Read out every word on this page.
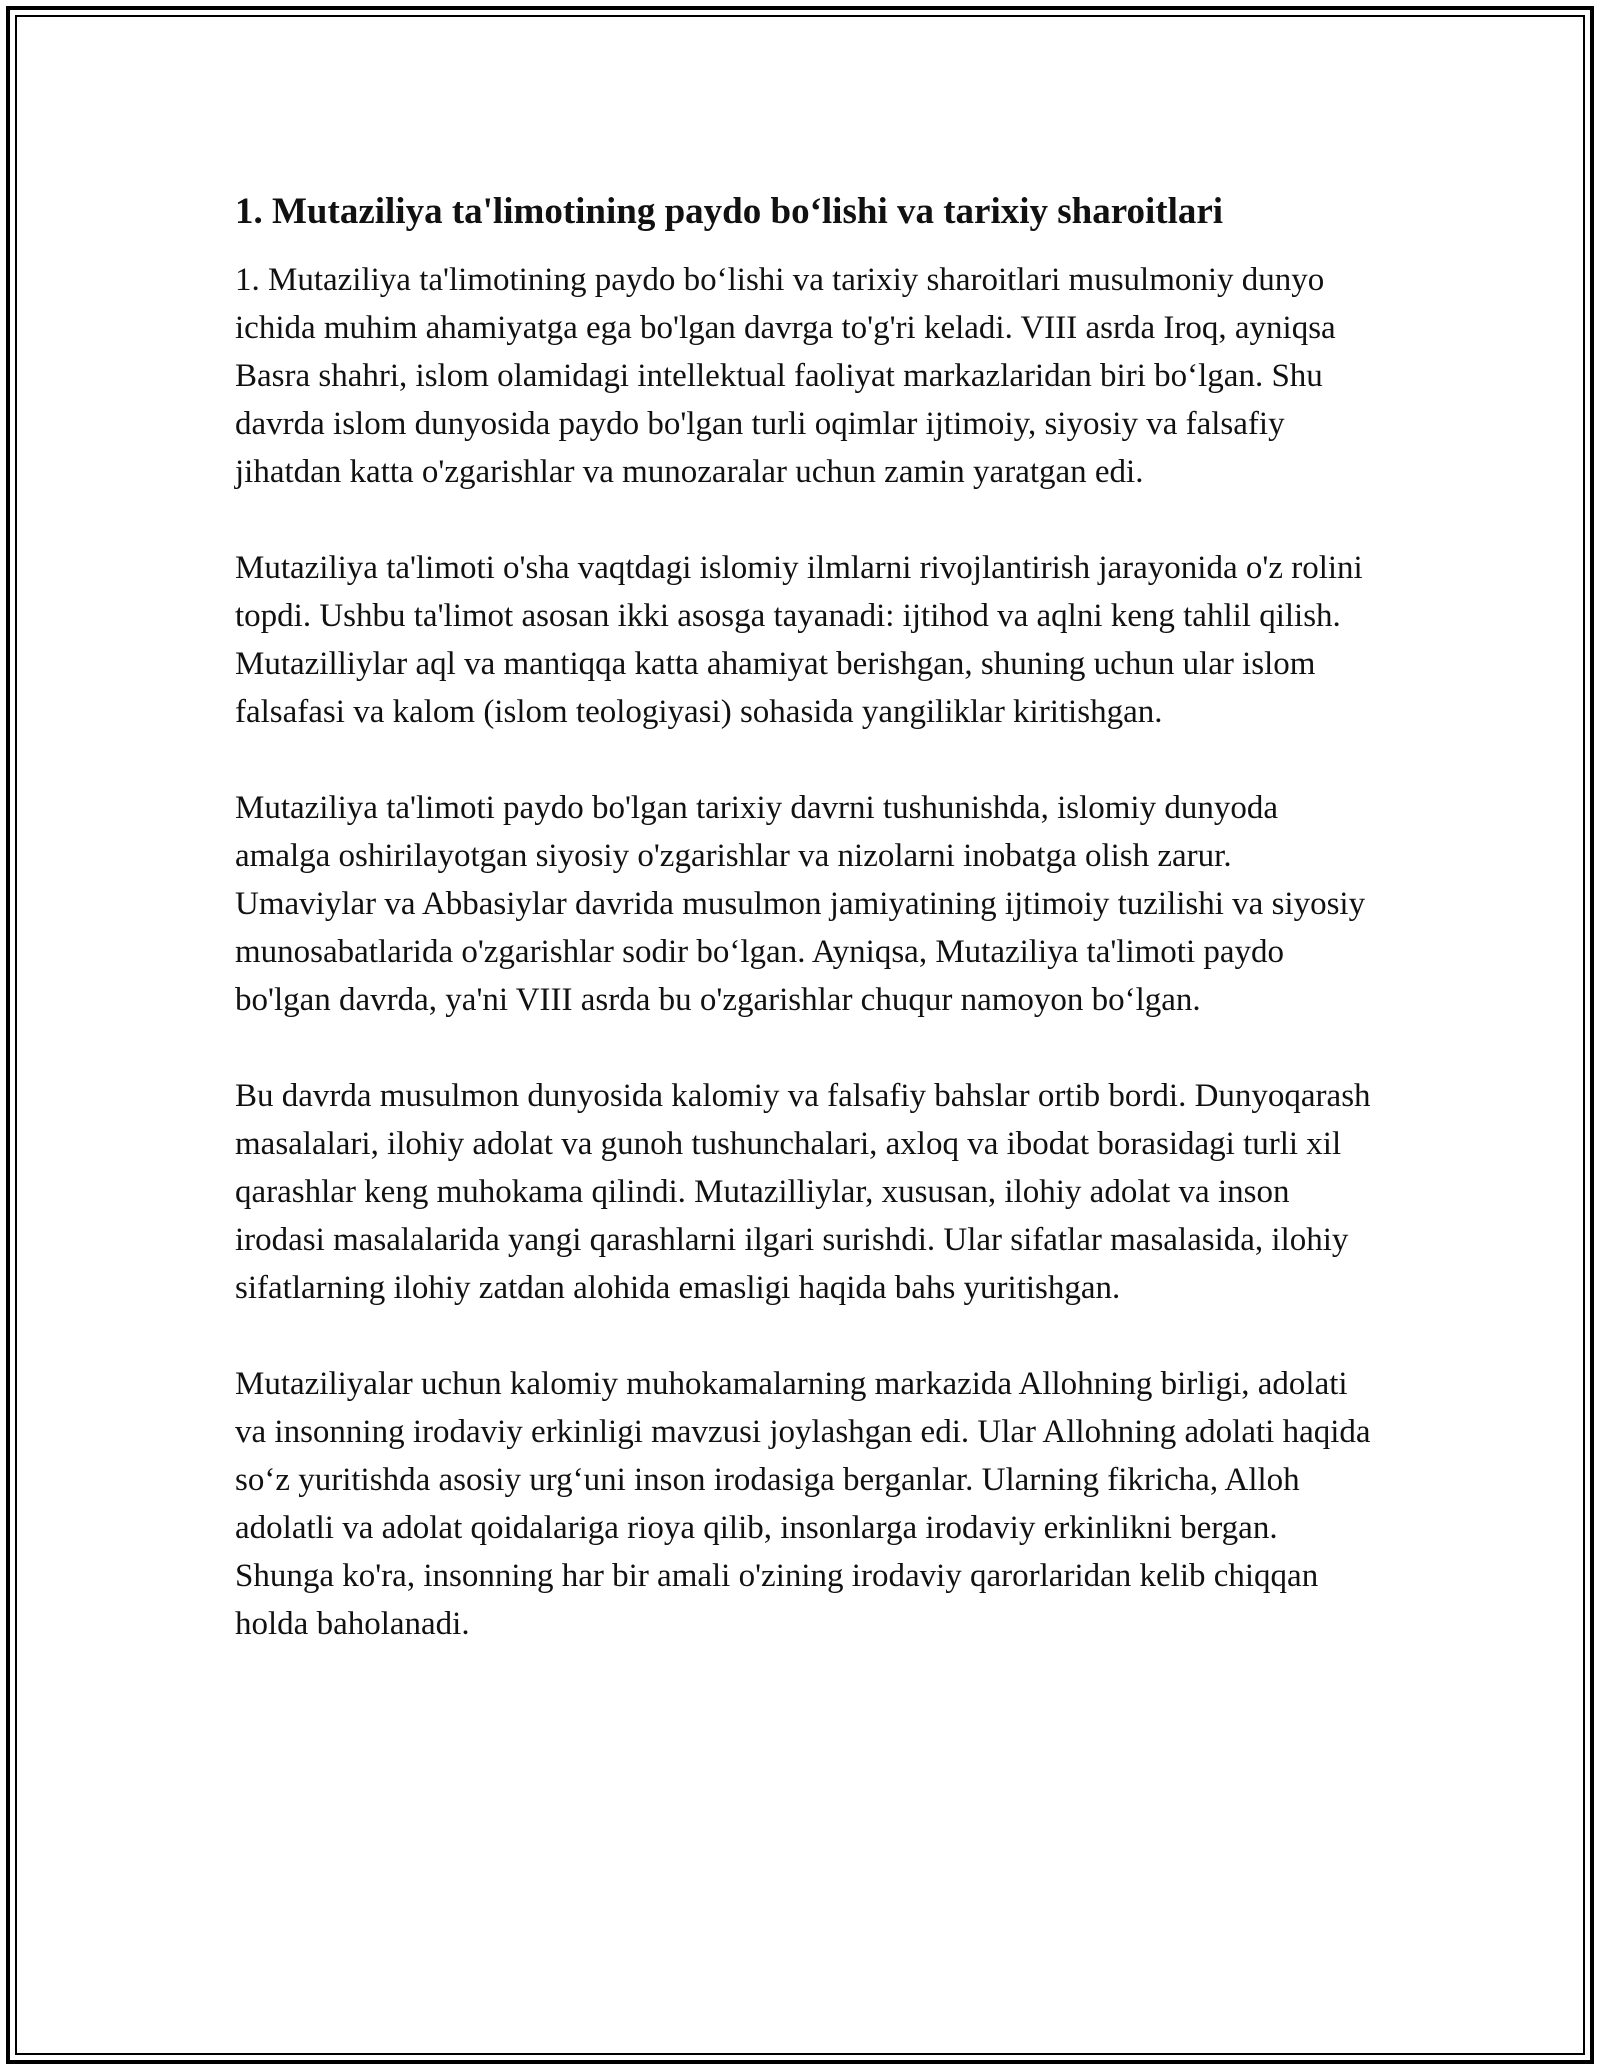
1. Mutaziliya ta'limotining paydo bo‘lishi va tarixiy sharoitlari

1. Mutaziliya ta'limotining paydo bo‘lishi va tarixiy sharoitlari musulmoniy dunyo ichida muhim ahamiyatga ega bo'lgan davrga to'g'ri keladi. VIII asrda Iroq, ayniqsa Basra shahri, islom olamidagi intellektual faoliyat markazlaridan biri bo‘lgan. Shu davrda islom dunyosida paydo bo'lgan turli oqimlar ijtimoiy, siyosiy va falsafiy jihatdan katta o'zgarishlar va munozaralar uchun zamin yaratgan edi.

Mutaziliya ta'limoti o'sha vaqtdagi islomiy ilmlarni rivojlantirish jarayonida o'z rolini topdi. Ushbu ta'limot asosan ikki asosga tayanadi: ijtihod va aqlni keng tahlil qilish. Mutazilliylar aql va mantiqqa katta ahamiyat berishgan, shuning uchun ular islom falsafasi va kalom (islom teologiyasi) sohasida yangiliklar kiritishgan.

Mutaziliya ta'limoti paydo bo'lgan tarixiy davrni tushunishda, islomiy dunyoda amalga oshirilayotgan siyosiy o'zgarishlar va nizolarni inobatga olish zarur. Umaviylar va Abbasiylar davrida musulmon jamiyatining ijtimoiy tuzilishi va siyosiy munosabatlarida o'zgarishlar sodir bo‘lgan. Ayniqsa, Mutaziliya ta'limoti paydo bo'lgan davrda, ya'ni VIII asrda bu o'zgarishlar chuqur namoyon bo‘lgan.

Bu davrda musulmon dunyosida kalomiy va falsafiy bahslar ortib bordi. Dunyoqarash masalalari, ilohiy adolat va gunoh tushunchalari, axloq va ibodat borasidagi turli xil qarashlar keng muhokama qilindi. Mutazilliylar, xususan, ilohiy adolat va inson irodasi masalalarida yangi qarashlarni ilgari surishdi. Ular sifatlar masalasida, ilohiy sifatlarning ilohiy zatdan alohida emasligi haqida bahs yuritishgan.

Mutaziliyalar uchun kalomiy muhokamalarning markazida Allohning birligi, adolati va insonning irodaviy erkinligi mavzusi joylashgan edi. Ular Allohning adolati haqida so‘z yuritishda asosiy urg‘uni inson irodasiga berganlar. Ularning fikricha, Alloh adolatli va adolat qoidalariga rioya qilib, insonlarga irodaviy erkinlikni bergan. Shunga ko'ra, insonning har bir amali o'zining irodaviy qarorlaridan kelib chiqqan holda baholanadi.
